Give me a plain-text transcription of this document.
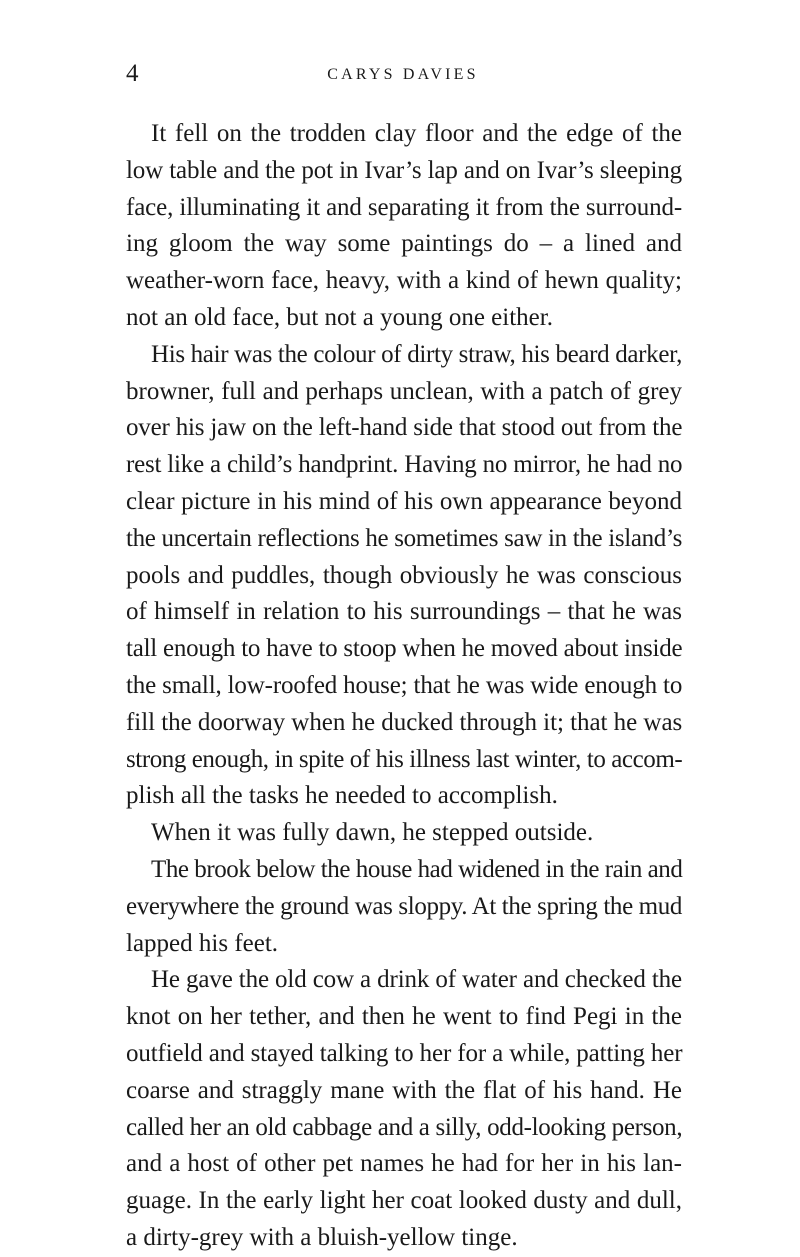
4	CARYS DAVIES
It fell on the trodden clay floor and the edge of the
low table and the pot in Ivar’s lap and on Ivar’s sleeping
face, illuminating it and separating it from the surround-
ing gloom the way some paintings do – a lined and
weather-worn face, heavy, with a kind of hewn quality;
not an old face, but not a young one either.
His hair was the colour of dirty straw, his beard darker,
browner, full and perhaps unclean, with a patch of grey
over his jaw on the left-hand side that stood out from the
rest like a child’s handprint. Having no mirror, he had no
clear picture in his mind of his own appearance beyond
the uncertain reflections he sometimes saw in the island’s
pools and puddles, though obviously he was conscious
of himself in relation to his surroundings – that he was
tall enough to have to stoop when he moved about inside
the small, low-roofed house; that he was wide enough to
fill the doorway when he ducked through it; that he was
strong enough, in spite of his illness last winter, to accom-
plish all the tasks he needed to accomplish.
When it was fully dawn, he stepped outside.
The brook below the house had widened in the rain and
everywhere the ground was sloppy. At the spring the mud
lapped his feet.
He gave the old cow a drink of water and checked the
knot on her tether, and then he went to find Pegi in the
outfield and stayed talking to her for a while, patting her
coarse and straggly mane with the flat of his hand. He
called her an old cabbage and a silly, odd-looking person,
and a host of other pet names he had for her in his lan-
guage. In the early light her coat looked dusty and dull,
a dirty-grey with a bluish-yellow tinge.
